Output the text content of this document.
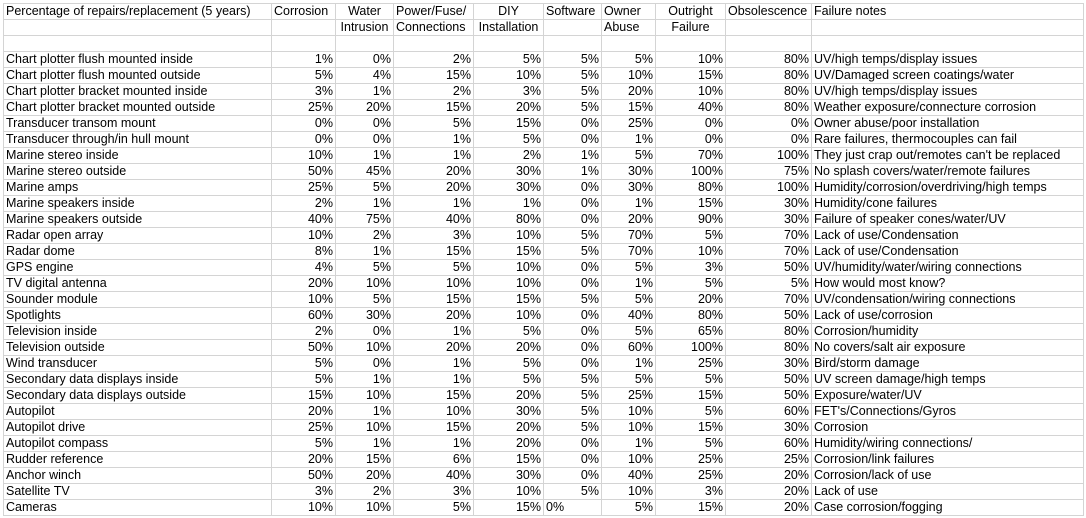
Percentage of repairs/replacement (5 years)	Corrosion	Water	Power/Fuse/	DIY	Software	Owner	Outright	Obsolescence	Failure notes
		Intrusion	Connections	Installation		Abuse	Failure		

Chart plotter flush mounted inside	1%	0%	2%	5%	5%	5%	10%	80%	UV/high temps/display issues
Chart plotter flush mounted outside	5%	4%	15%	10%	5%	10%	15%	80%	UV/Damaged screen coatings/water
Chart plotter bracket mounted inside	3%	1%	2%	3%	5%	20%	10%	80%	UV/high temps/display issues
Chart plotter bracket mounted outside	25%	20%	15%	20%	5%	15%	40%	80%	Weather exposure/connecture corrosion
Transducer transom mount	0%	0%	5%	15%	0%	25%	0%	0%	Owner abuse/poor installation
Transducer through/in hull mount	0%	0%	1%	5%	0%	1%	0%	0%	Rare failures, thermocouples can fail
Marine stereo inside	10%	1%	1%	2%	1%	5%	70%	100%	They just crap out/remotes can't be replaced
Marine stereo outside	50%	45%	20%	30%	1%	30%	100%	75%	No splash covers/water/remote failures
Marine amps	25%	5%	20%	30%	0%	30%	80%	100%	Humidity/corrosion/overdriving/high temps
Marine speakers inside	2%	1%	1%	1%	0%	1%	15%	30%	Humidity/cone failures
Marine speakers outside	40%	75%	40%	80%	0%	20%	90%	30%	Failure of speaker cones/water/UV
Radar open array	10%	2%	3%	10%	5%	70%	5%	70%	Lack of use/Condensation
Radar dome	8%	1%	15%	15%	5%	70%	10%	70%	Lack of use/Condensation
GPS engine	4%	5%	5%	10%	0%	5%	3%	50%	UV/humidity/water/wiring connections
TV digital antenna	20%	10%	10%	10%	0%	1%	5%	5%	How would most know?
Sounder module	10%	5%	15%	15%	5%	5%	20%	70%	UV/condensation/wiring connections
Spotlights	60%	30%	20%	10%	0%	40%	80%	50%	Lack of use/corrosion
Television inside	2%	0%	1%	5%	0%	5%	65%	80%	Corrosion/humidity
Television outside	50%	10%	20%	20%	0%	60%	100%	80%	No covers/salt air exposure
Wind transducer	5%	0%	1%	5%	0%	1%	25%	30%	Bird/storm damage
Secondary data displays inside	5%	1%	1%	5%	5%	5%	5%	50%	UV screen damage/high temps
Secondary data displays outside	15%	10%	15%	20%	5%	25%	15%	50%	Exposure/water/UV
Autopilot	20%	1%	10%	30%	5%	10%	5%	60%	FET's/Connections/Gyros
Autopilot drive	25%	10%	15%	20%	5%	10%	15%	30%	Corrosion
Autopilot compass	5%	1%	1%	20%	0%	1%	5%	60%	Humidity/wiring connections/
Rudder reference	20%	15%	6%	15%	0%	10%	25%	25%	Corrosion/link failures
Anchor winch	50%	20%	40%	30%	0%	40%	25%	20%	Corrosion/lack of use
Satellite TV	3%	2%	3%	10%	5%	10%	3%	20%	Lack of use
Cameras	10%	10%	5%	15%	0%	5%	15%	20%	Case corrosion/fogging
